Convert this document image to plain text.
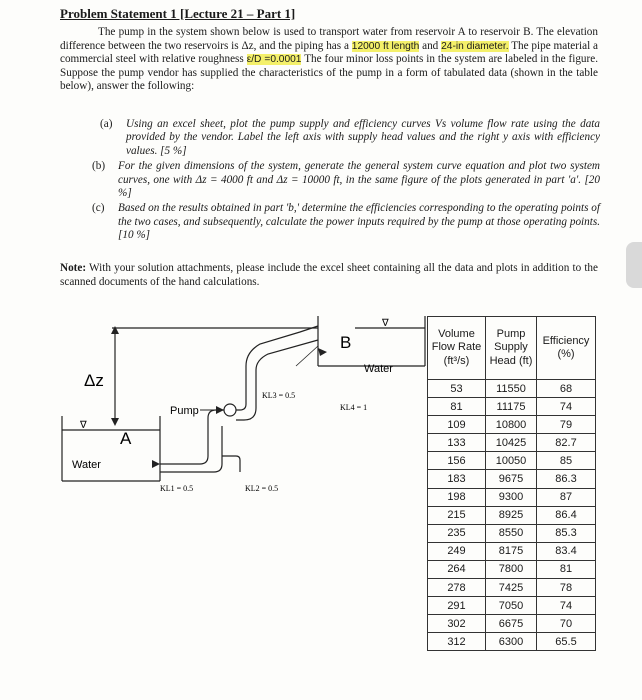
Problem Statement 1 [Lecture 21 – Part 1]
The pump in the system shown below is used to transport water from reservoir A to reservoir B. The elevation difference between the two reservoirs is Δz, and the piping has a 12000 ft length and 24-in diameter. The pipe material a commercial steel with relative roughness ε/D =0.0001 The four minor loss points in the system are labeled in the figure. Suppose the pump vendor has supplied the characteristics of the pump in a form of tabulated data (shown in the table below), answer the following:
(a)	Using an excel sheet, plot the pump supply and efficiency curves Vs volume flow rate using the data provided by the vendor. Label the left axis with supply head values and the right y axis with efficiency values. [5 %]
(b)	For the given dimensions of the system, generate the general system curve equation and plot two system curves, one with Δz = 4000 ft and Δz = 10000 ft, in the same figure of the plots generated in part 'a'. [20 %]
(c)	Based on the results obtained in part 'b,' determine the efficiencies corresponding to the operating points of the two cases, and subsequently, calculate the power inputs required by the pump at those operating points. [10 %]
Note: With your solution attachments, please include the excel sheet containing all the data and plots in addition to the scanned documents of the hand calculations.
Δz
B
A
Water
Water
Pump
KL3 = 0.5
KL4 = 1
KL1 = 0.5	KL2 = 0.5
∇
∇
Volume Flow Rate (ft³/s)	Pump Supply Head (ft)	Efficiency (%)
53	11550	68
81	11175	74
109	10800	79
133	10425	82.7
156	10050	85
183	9675	86.3
198	9300	87
215	8925	86.4
235	8550	85.3
249	8175	83.4
264	7800	81
278	7425	78
291	7050	74
302	6675	70
312	6300	65.5
